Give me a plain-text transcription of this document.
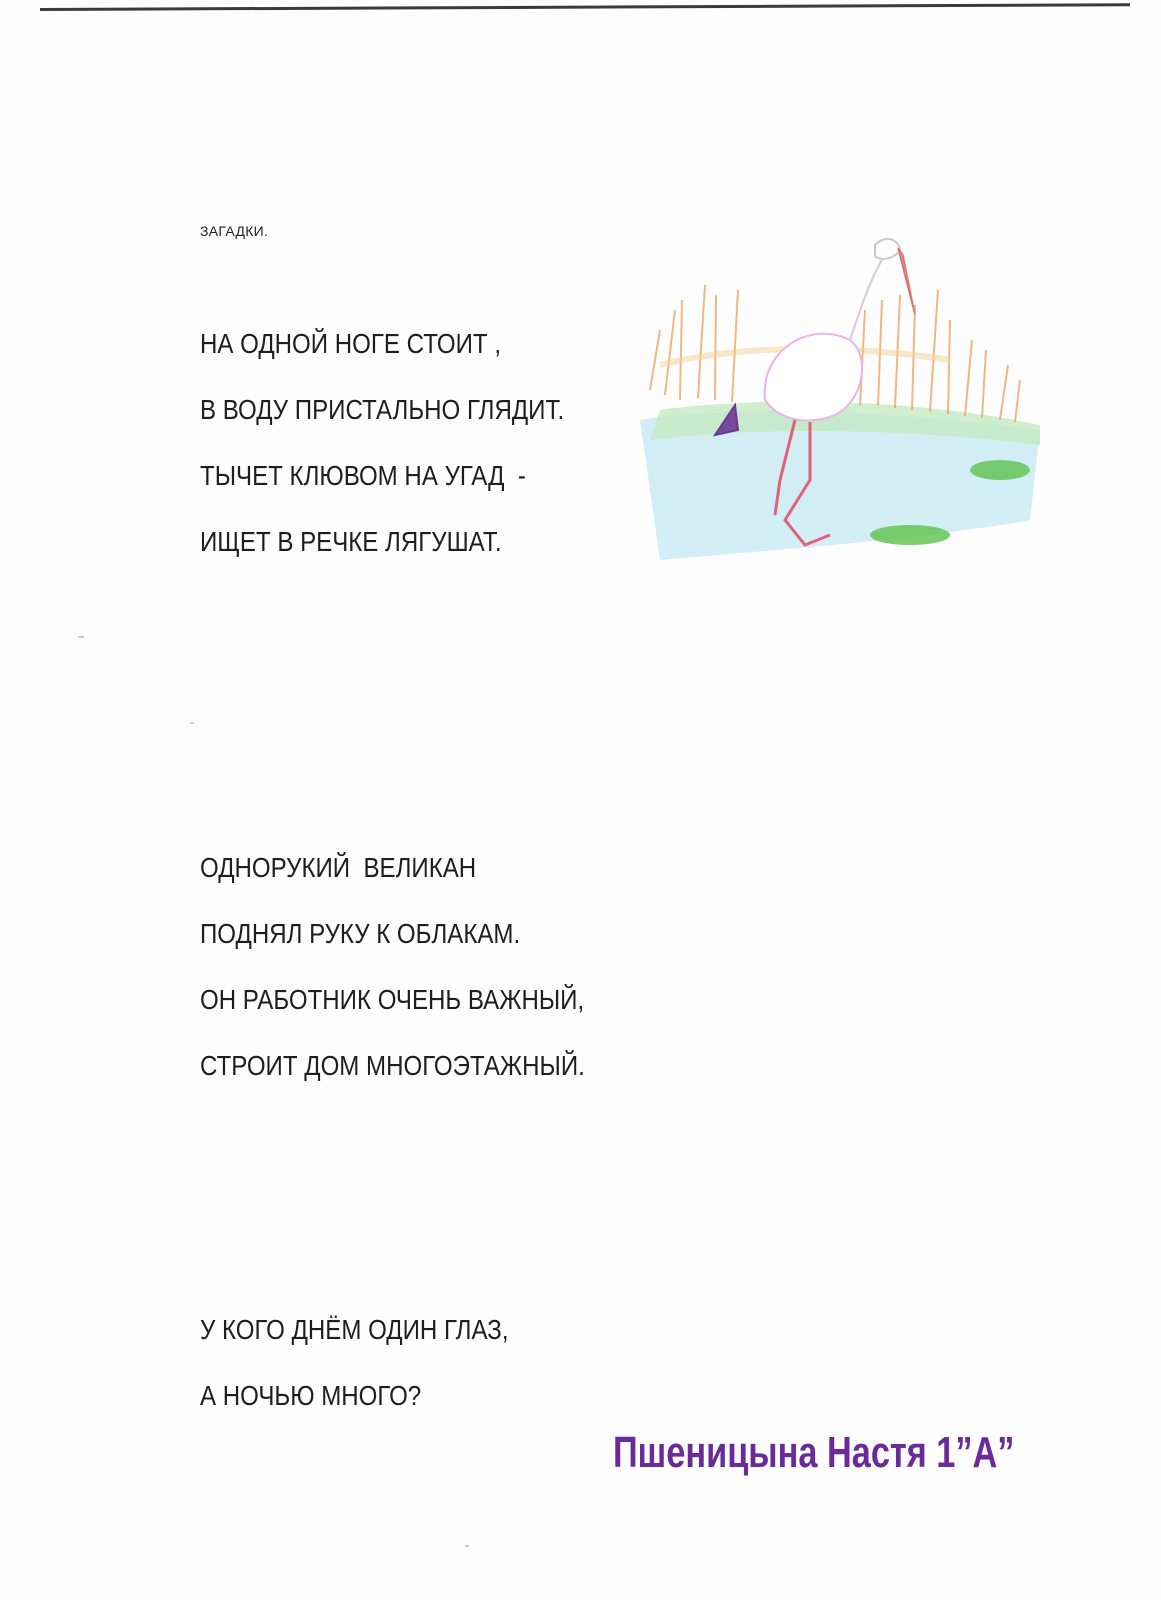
ЗАГАДКИ.
НА ОДНОЙ НОГЕ СТОИТ ,
В ВОДУ ПРИСТАЛЬНО ГЛЯДИТ.
ТЫЧЕТ КЛЮВОМ НА УГАД  -
ИЩЕТ В РЕЧКЕ ЛЯГУШАТ.
ОДНОРУКИЙ  ВЕЛИКАН
ПОДНЯЛ РУКУ К ОБЛАКАМ.
ОН РАБОТНИК ОЧЕНЬ ВАЖНЫЙ,
СТРОИТ ДОМ МНОГОЭТАЖНЫЙ.
У КОГО ДНЁМ ОДИН ГЛАЗ,
А НОЧЬЮ МНОГО?
Пшеницына Настя 1”А”
